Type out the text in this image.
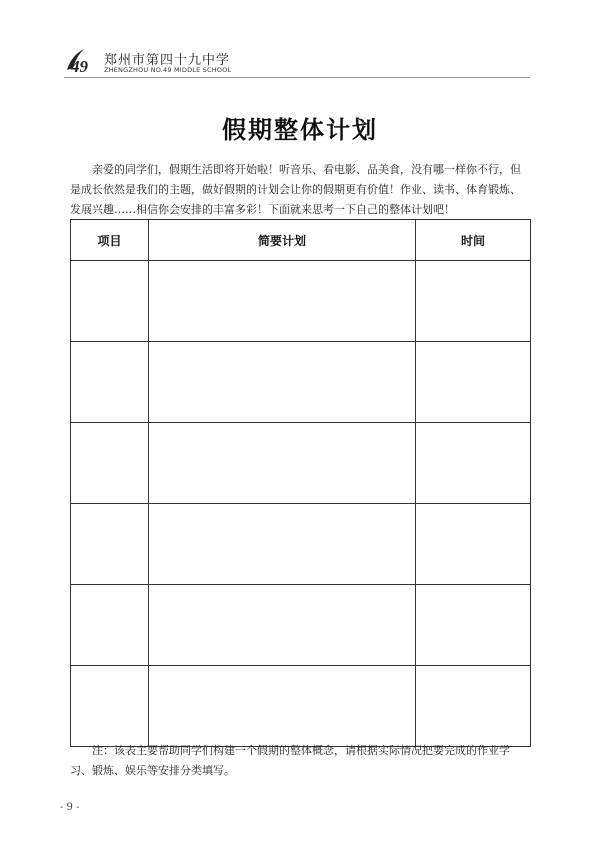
49 郑州市第四十九中学
ZHENGZHOU NO.49 MIDDLE SCHOOL
假期整体计划

亲爱的同学们，假期生活即将开始啦！听音乐、看电影、品美食，没有哪一样你不行，但是成长依然是我们的主题，做好假期的计划会让你的假期更有价值！作业、读书、体育锻炼、发展兴趣……相信你会安排的丰富多彩！下面就来思考一下自己的整体计划吧！

项目	简要计划	时间

注：该表主要帮助同学们构建一个假期的整体概念，请根据实际情况把要完成的作业学习、锻炼、娱乐等安排分类填写。

- 9 -
